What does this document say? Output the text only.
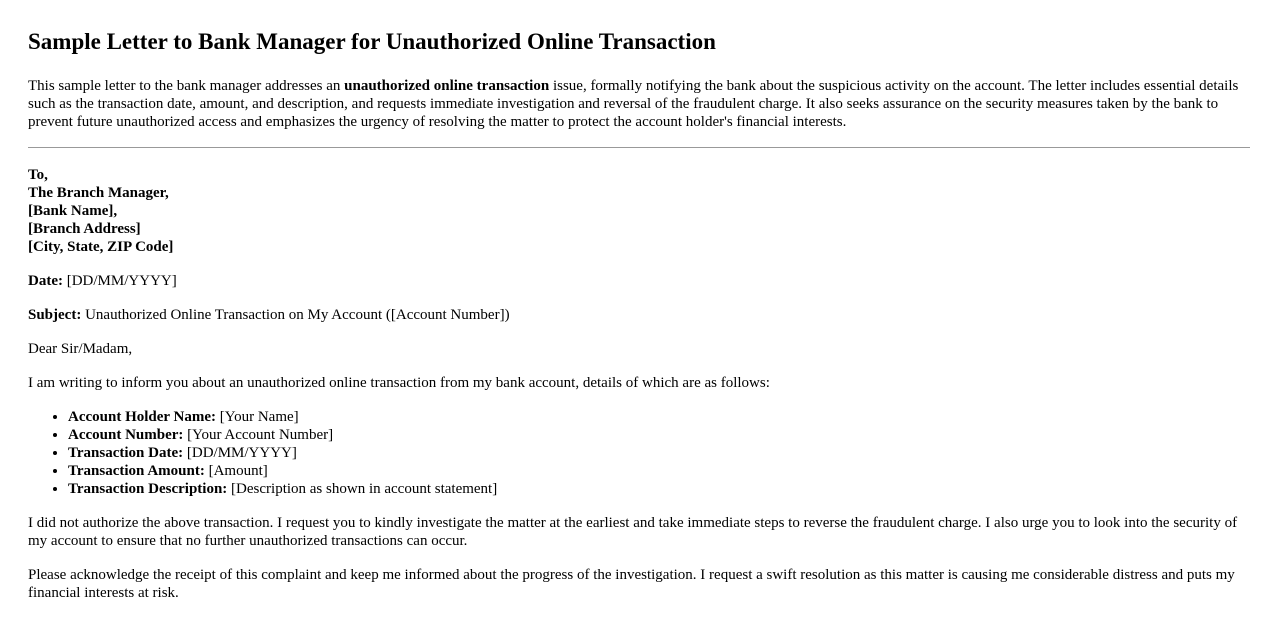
Sample Letter to Bank Manager for Unauthorized Online Transaction
This sample letter to the bank manager addresses an unauthorized online transaction issue, formally notifying the bank about the suspicious activity on the account. The letter includes essential details such as the transaction date, amount, and description, and requests immediate investigation and reversal of the fraudulent charge. It also seeks assurance on the security measures taken by the bank to prevent future unauthorized access and emphasizes the urgency of resolving the matter to protect the account holder's financial interests.
To,
The Branch Manager,
[Bank Name],
[Branch Address]
[City, State, ZIP Code]

Date: [DD/MM/YYYY]

Subject: Unauthorized Online Transaction on My Account ([Account Number])

Dear Sir/Madam,

I am writing to inform you about an unauthorized online transaction from my bank account, details of which are as follows:

• Account Holder Name: [Your Name]
• Account Number: [Your Account Number]
• Transaction Date: [DD/MM/YYYY]
• Transaction Amount: [Amount]
• Transaction Description: [Description as shown in account statement]

I did not authorize the above transaction. I request you to kindly investigate the matter at the earliest and take immediate steps to reverse the fraudulent charge. I also urge you to look into the security of my account to ensure that no further unauthorized transactions can occur.

Please acknowledge the receipt of this complaint and keep me informed about the progress of the investigation. I request a swift resolution as this matter is causing me considerable distress and puts my financial interests at risk.
